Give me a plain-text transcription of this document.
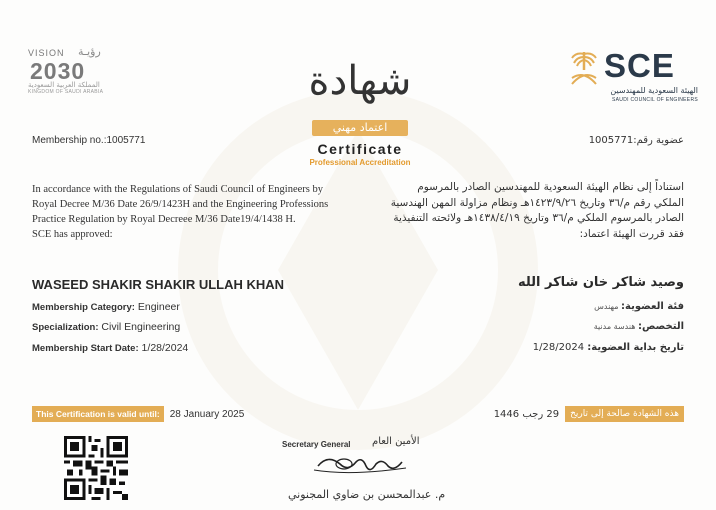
VISION رؤيـة
2030
المملكة العربية السعودية
KINGDOM OF SAUDI ARABIA	شهادة
اعتماد مهني
Certificate
Professional Accreditation
SCE
الهيئة السعودية للمهندسين
SAUDI COUNCIL OF ENGINEERS
Membership no.:1005771	عضوية رقم:1005771
In accordance with the Regulations of Saudi Council of Engineers by
Royal Decree M/36 Date 26/9/1423H and the Engineering Professions
Practice Regulation by Royal Decreee M/36 Date19/4/1438 H.
SCE has approved:
استناداً إلى نظام الهيئة السعودية للمهندسين الصادر بالمرسوم
الملكي رقم م/٣٦ وتاريخ ١٤٢٣/٩/٢٦هـ ونظام مزاولة المهن الهندسية
الصادر بالمرسوم الملكي م/٣٦ وتاريخ ١٤٣٨/٤/١٩هـ ولائحته التنفيذية
فقد قررت الهيئة اعتماد:
WASEED SHAKIR SHAKIR ULLAH KHAN	وصيد شاكر خان شاكر الله
Membership Category: Engineer
Specialization: Civil Engineering
Membership Start Date: 1/28/2024
فئة العضوية: مهندس
التخصص: هندسة مدنية
تاريخ بداية العضوية: 1/28/2024
This Certification is valid until:	28 January 2025	هذه الشهادة صالحة إلى تاريخ
29 رجب 1446
Secretary General الأمين العام
م. عبدالمحسن بن ضاوي المجنوني
